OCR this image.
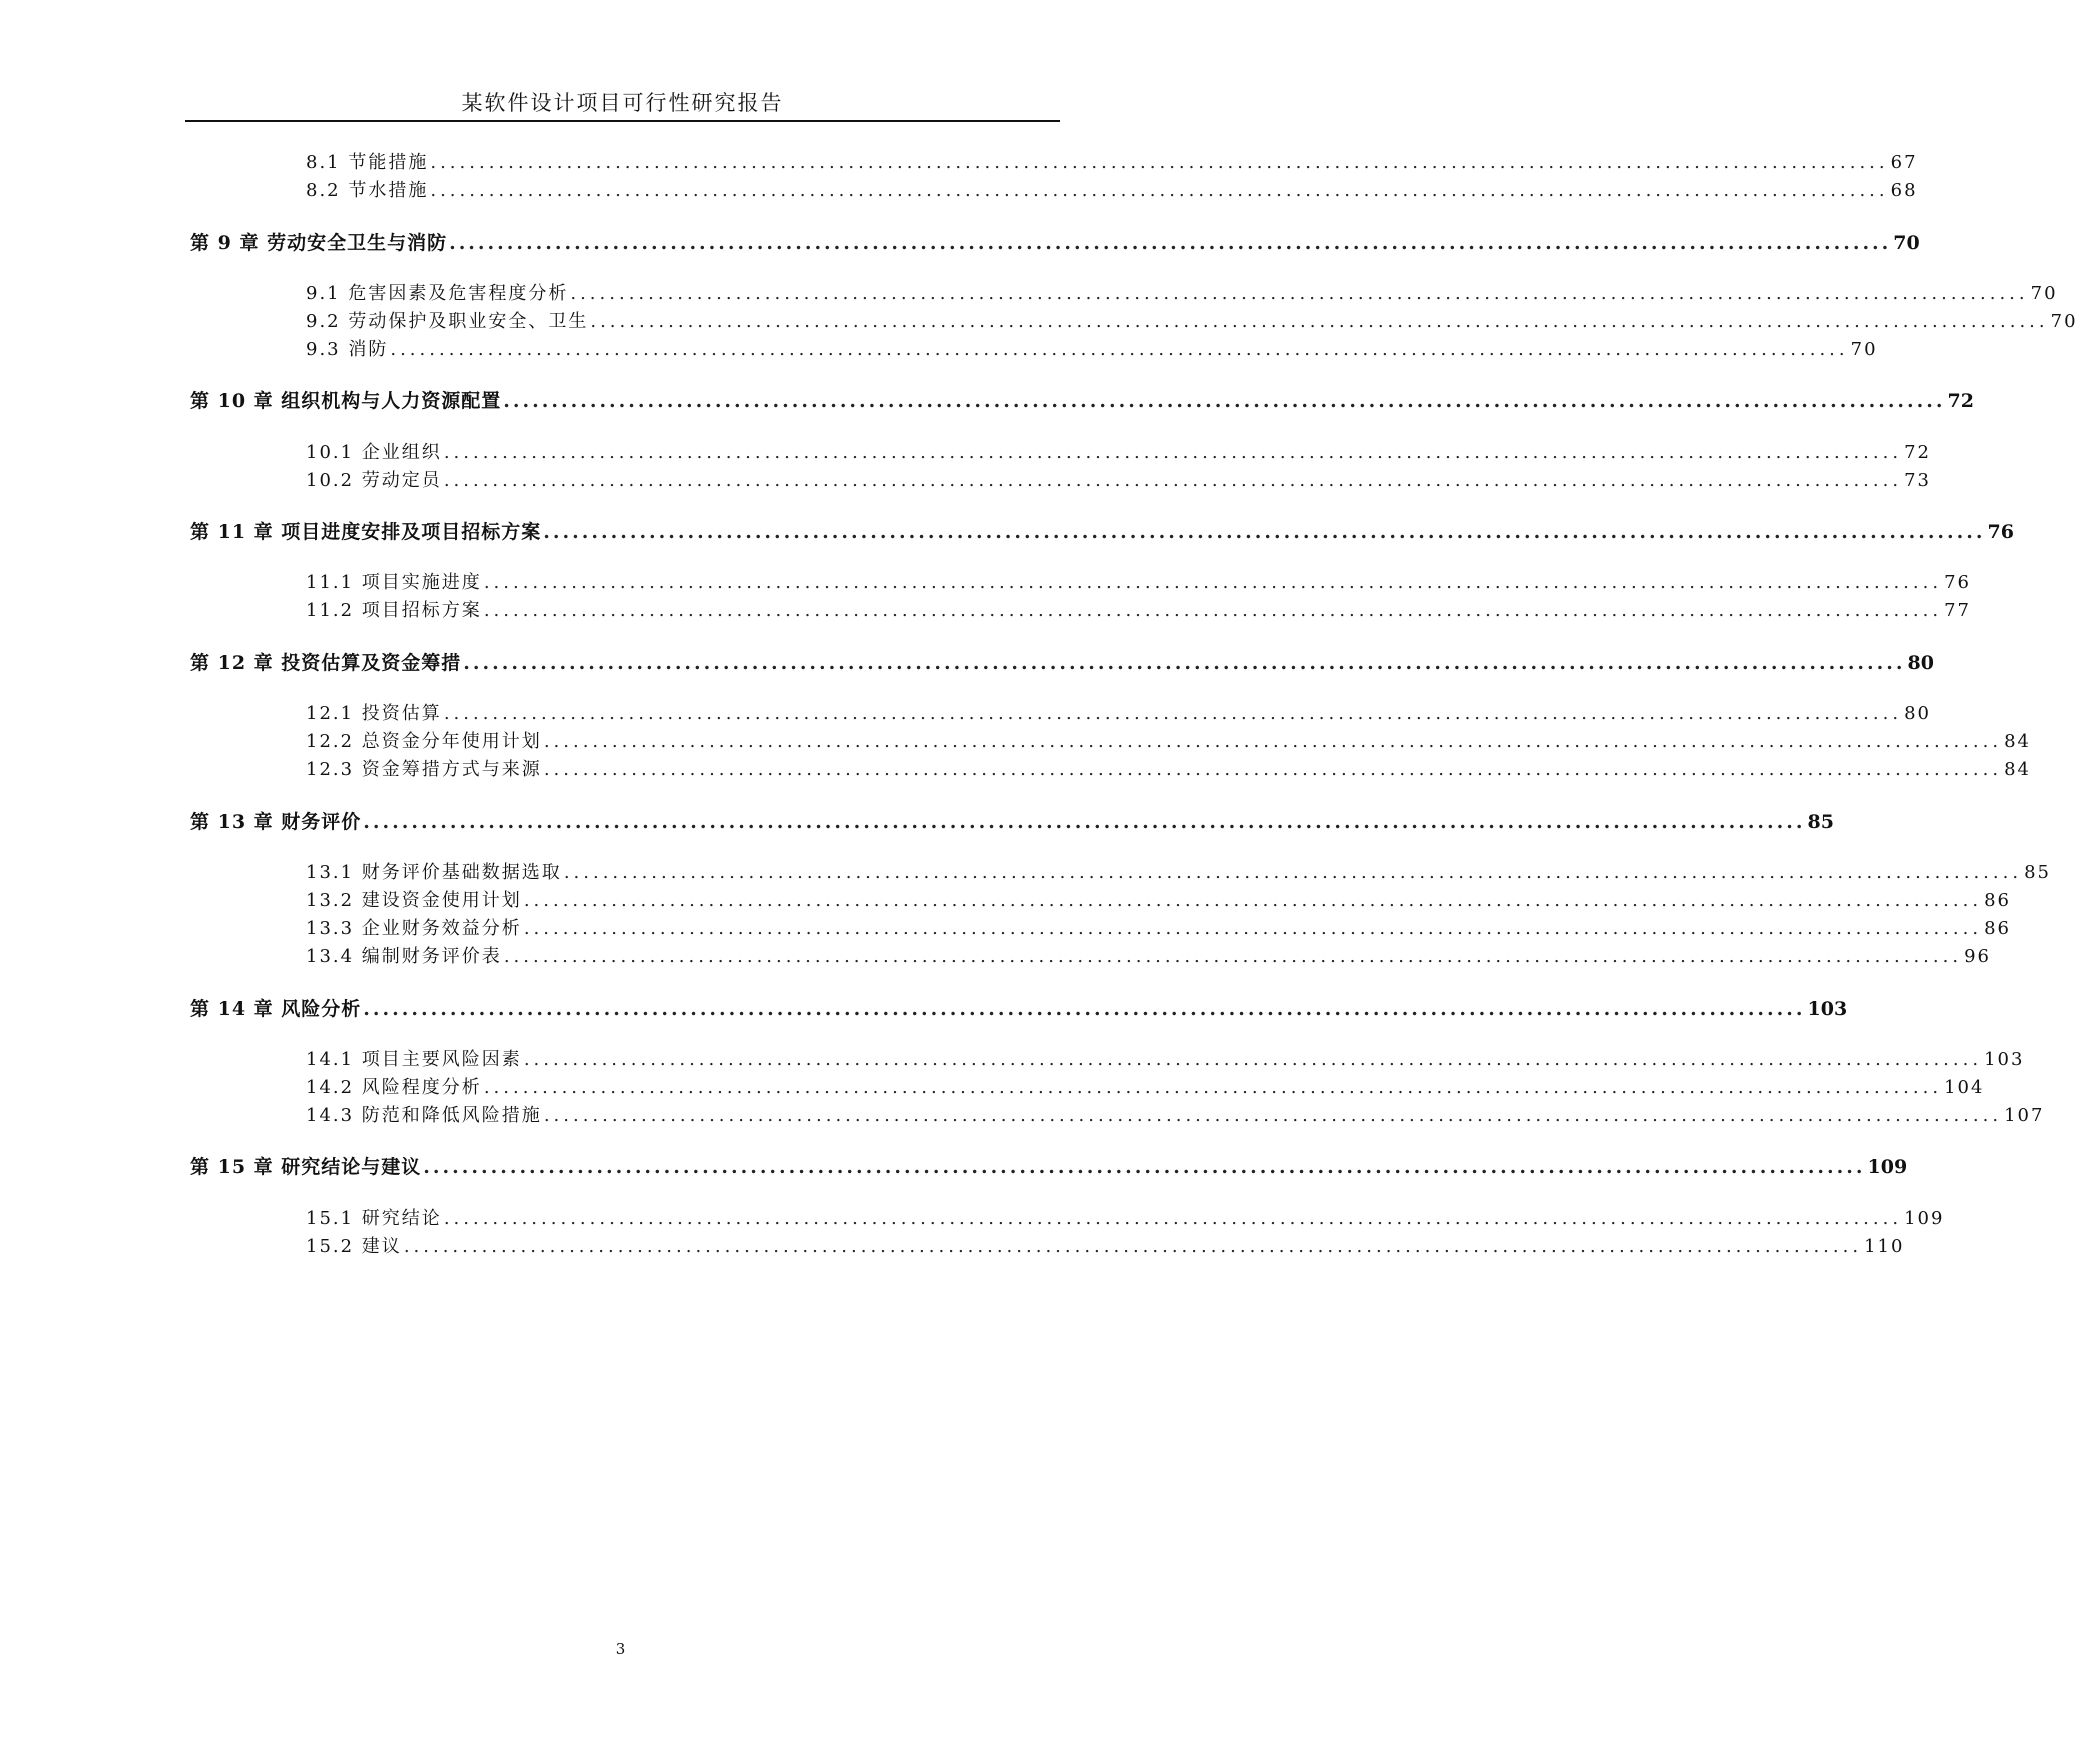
某软件设计项目可行性研究报告
8.1 节能措施 ...................................................................................................................................................... 67
8.2 节水措施 ...................................................................................................................................................... 68
第 9 章 劳动安全卫生与消防 ...................................................................................................................................................... 70
9.1 危害因素及危害程度分析 ...................................................................................................................................................... 70
9.2 劳动保护及职业安全、卫生 ...................................................................................................................................................... 70
9.3 消防 ...................................................................................................................................................... 70
第 10 章 组织机构与人力资源配置 ...................................................................................................................................................... 72
10.1 企业组织 ...................................................................................................................................................... 72
10.2 劳动定员 ...................................................................................................................................................... 73
第 11 章 项目进度安排及项目招标方案 ...................................................................................................................................................... 76
11.1 项目实施进度 ...................................................................................................................................................... 76
11.2 项目招标方案 ...................................................................................................................................................... 77
第 12 章 投资估算及资金筹措 ...................................................................................................................................................... 80
12.1 投资估算 ...................................................................................................................................................... 80
12.2 总资金分年使用计划 ...................................................................................................................................................... 84
12.3 资金筹措方式与来源 ...................................................................................................................................................... 84
第 13 章 财务评价 ...................................................................................................................................................... 85
13.1 财务评价基础数据选取 ...................................................................................................................................................... 85
13.2 建设资金使用计划 ...................................................................................................................................................... 86
13.3 企业财务效益分析 ...................................................................................................................................................... 86
13.4 编制财务评价表 ...................................................................................................................................................... 96
第 14 章 风险分析 ...................................................................................................................................................... 103
14.1 项目主要风险因素 ...................................................................................................................................................... 103
14.2 风险程度分析 ...................................................................................................................................................... 104
14.3 防范和降低风险措施 ...................................................................................................................................................... 107
第 15 章 研究结论与建议 ...................................................................................................................................................... 109
15.1 研究结论 ...................................................................................................................................................... 109
15.2 建议 ...................................................................................................................................................... 110
3
